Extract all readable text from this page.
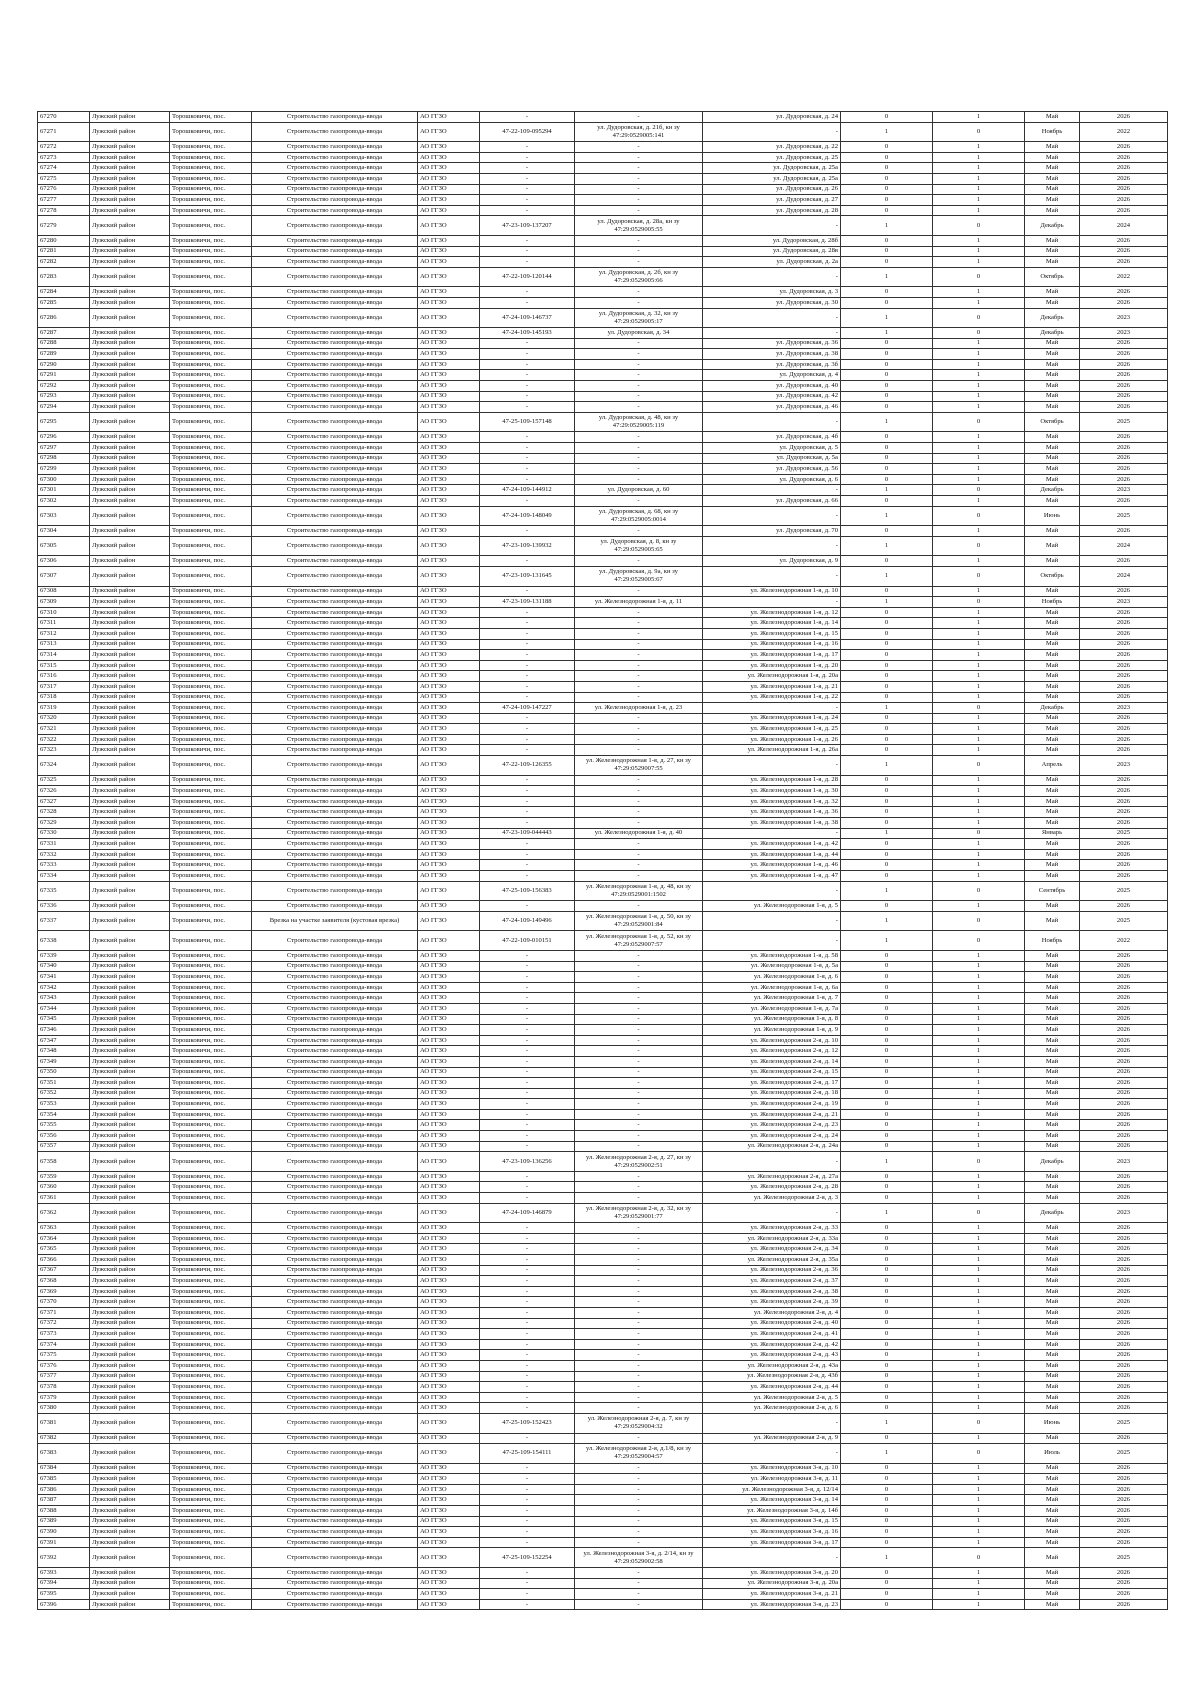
67270	Лужский район	Торошковичи, пос.	Строительство газопровода-ввода	АО ГГЗО	-	-	ул. Дудоровская, д. 24	0	1	Май	2026
67271	Лужский район	Торошковичи, пос.	Строительство газопровода-ввода	АО ГГЗО	47-22-109-095294	ул. Дудоровская, д. 21б, кн зу 47:29:0529005:141	-	1	0	Ноябрь	2022
67272	Лужский район	Торошковичи, пос.	Строительство газопровода-ввода	АО ГГЗО	-	-	ул. Дудоровская, д. 22	0	1	Май	2026
67273	Лужский район	Торошковичи, пос.	Строительство газопровода-ввода	АО ГГЗО	-	-	ул. Дудоровская, д. 25	0	1	Май	2026
67274	Лужский район	Торошковичи, пос.	Строительство газопровода-ввода	АО ГГЗО	-	-	ул. Дудоровская, д. 25а	0	1	Май	2026
67275	Лужский район	Торошковичи, пос.	Строительство газопровода-ввода	АО ГГЗО	-	-	ул. Дудоровская, д. 25а	0	1	Май	2026
67276	Лужский район	Торошковичи, пос.	Строительство газопровода-ввода	АО ГГЗО	-	-	ул. Дудоровская, д. 26	0	1	Май	2026
67277	Лужский район	Торошковичи, пос.	Строительство газопровода-ввода	АО ГГЗО	-	-	ул. Дудоровская, д. 27	0	1	Май	2026
67278	Лужский район	Торошковичи, пос.	Строительство газопровода-ввода	АО ГГЗО	-	-	ул. Дудоровская, д. 28	0	1	Май	2026
67279	Лужский район	Торошковичи, пос.	Строительство газопровода-ввода	АО ГГЗО	47-23-109-137207	ул. Дудоровская, д. 28а, кн зу 47:29:0529005:55	-	1	0	Декабрь	2024
67280	Лужский район	Торошковичи, пос.	Строительство газопровода-ввода	АО ГГЗО	-	-	ул. Дудоровская, д. 28б	0	1	Май	2026
67281	Лужский район	Торошковичи, пос.	Строительство газопровода-ввода	АО ГГЗО	-	-	ул. Дудоровская, д. 28в	0	1	Май	2026
67282	Лужский район	Торошковичи, пос.	Строительство газопровода-ввода	АО ГГЗО	-	-	ул. Дудоровская, д. 2а	0	1	Май	2026
67283	Лужский район	Торошковичи, пос.	Строительство газопровода-ввода	АО ГГЗО	47-22-109-120144	ул. Дудоровская, д. 2б, кн зу 47:29:0529005:66	-	1	0	Октябрь	2022
67284	Лужский район	Торошковичи, пос.	Строительство газопровода-ввода	АО ГГЗО	-	-	ул. Дудоровская, д. 3	0	1	Май	2026
67285	Лужский район	Торошковичи, пос.	Строительство газопровода-ввода	АО ГГЗО	-	-	ул. Дудоровская, д. 30	0	1	Май	2026
67286	Лужский район	Торошковичи, пос.	Строительство газопровода-ввода	АО ГГЗО	47-24-109-146737	ул. Дудоровская, д. 32, кн зу 47:29:0529005:17	-	1	0	Декабрь	2023
67287	Лужский район	Торошковичи, пос.	Строительство газопровода-ввода	АО ГГЗО	47-24-109-145193	ул. Дудоровская, д. 34	-	1	0	Декабрь	2023
67288	Лужский район	Торошковичи, пос.	Строительство газопровода-ввода	АО ГГЗО	-	-	ул. Дудоровская, д. 36	0	1	Май	2026
67289	Лужский район	Торошковичи, пос.	Строительство газопровода-ввода	АО ГГЗО	-	-	ул. Дудоровская, д. 38	0	1	Май	2026
67290	Лужский район	Торошковичи, пос.	Строительство газопровода-ввода	АО ГГЗО	-	-	ул. Дудоровская, д. 3б	0	1	Май	2026
67291	Лужский район	Торошковичи, пос.	Строительство газопровода-ввода	АО ГГЗО	-	-	ул. Дудоровская, д. 4	0	1	Май	2026
67292	Лужский район	Торошковичи, пос.	Строительство газопровода-ввода	АО ГГЗО	-	-	ул. Дудоровская, д. 40	0	1	Май	2026
67293	Лужский район	Торошковичи, пос.	Строительство газопровода-ввода	АО ГГЗО	-	-	ул. Дудоровская, д. 42	0	1	Май	2026
67294	Лужский район	Торошковичи, пос.	Строительство газопровода-ввода	АО ГГЗО	-	-	ул. Дудоровская, д. 46	0	1	Май	2026
67295	Лужский район	Торошковичи, пос.	Строительство газопровода-ввода	АО ГГЗО	47-25-109-157148	ул. Дудоровская, д. 48, кн зу 47:29:0529005:119	-	1	0	Октябрь	2025
67296	Лужский район	Торошковичи, пос.	Строительство газопровода-ввода	АО ГГЗО	-	-	ул. Дудоровская, д. 4б	0	1	Май	2026
67297	Лужский район	Торошковичи, пос.	Строительство газопровода-ввода	АО ГГЗО	-	-	ул. Дудоровская, д. 5	0	1	Май	2026
67298	Лужский район	Торошковичи, пос.	Строительство газопровода-ввода	АО ГГЗО	-	-	ул. Дудоровская, д. 5а	0	1	Май	2026
67299	Лужский район	Торошковичи, пос.	Строительство газопровода-ввода	АО ГГЗО	-	-	ул. Дудоровская, д. 56	0	1	Май	2026
67300	Лужский район	Торошковичи, пос.	Строительство газопровода-ввода	АО ГГЗО	-	-	ул. Дудоровская, д. 6	0	1	Май	2026
67301	Лужский район	Торошковичи, пос.	Строительство газопровода-ввода	АО ГГЗО	47-24-109-144912	ул. Дудоровская, д. 60	-	1	0	Декабрь	2023
67302	Лужский район	Торошковичи, пос.	Строительство газопровода-ввода	АО ГГЗО	-	-	ул. Дудоровская, д. 66	0	1	Май	2026
67303	Лужский район	Торошковичи, пос.	Строительство газопровода-ввода	АО ГГЗО	47-24-109-148049	ул. Дудоровская, д. 68, кн зу 47:29:0529005:0014	-	1	0	Июнь	2025
67304	Лужский район	Торошковичи, пос.	Строительство газопровода-ввода	АО ГГЗО	-	-	ул. Дудоровская, д. 70	0	1	Май	2026
67305	Лужский район	Торошковичи, пос.	Строительство газопровода-ввода	АО ГГЗО	47-23-109-139932	ул. Дудоровская, д. 8, кн зу 47:29:0529005:65	-	1	0	Май	2024
67306	Лужский район	Торошковичи, пос.	Строительство газопровода-ввода	АО ГГЗО	-	-	ул. Дудоровская, д. 9	0	1	Май	2026
67307	Лужский район	Торошковичи, пос.	Строительство газопровода-ввода	АО ГГЗО	47-23-109-131645	ул. Дудоровская, д. 9а, кн зу 47:29:0529005:67	-	1	0	Октябрь	2024
67308	Лужский район	Торошковичи, пос.	Строительство газопровода-ввода	АО ГГЗО	-	-	ул. Железнодорожная 1-я, д. 10	0	1	Май	2026
67309	Лужский район	Торошковичи, пос.	Строительство газопровода-ввода	АО ГГЗО	47-23-109-131188	ул. Железнодорожная 1-я, д. 11	-	1	0	Ноябрь	2023
67310	Лужский район	Торошковичи, пос.	Строительство газопровода-ввода	АО ГГЗО	-	-	ул. Железнодорожная 1-я, д. 12	0	1	Май	2026
67311	Лужский район	Торошковичи, пос.	Строительство газопровода-ввода	АО ГГЗО	-	-	ул. Железнодорожная 1-я, д. 14	0	1	Май	2026
67312	Лужский район	Торошковичи, пос.	Строительство газопровода-ввода	АО ГГЗО	-	-	ул. Железнодорожная 1-я, д. 15	0	1	Май	2026
67313	Лужский район	Торошковичи, пос.	Строительство газопровода-ввода	АО ГГЗО	-	-	ул. Железнодорожная 1-я, д. 16	0	1	Май	2026
67314	Лужский район	Торошковичи, пос.	Строительство газопровода-ввода	АО ГГЗО	-	-	ул. Железнодорожная 1-я, д. 17	0	1	Май	2026
67315	Лужский район	Торошковичи, пос.	Строительство газопровода-ввода	АО ГГЗО	-	-	ул. Железнодорожная 1-я, д. 20	0	1	Май	2026
67316	Лужский район	Торошковичи, пос.	Строительство газопровода-ввода	АО ГГЗО	-	-	ул. Железнодорожная 1-я, д. 20а	0	1	Май	2026
67317	Лужский район	Торошковичи, пос.	Строительство газопровода-ввода	АО ГГЗО	-	-	ул. Железнодорожная 1-я, д. 21	0	1	Май	2026
67318	Лужский район	Торошковичи, пос.	Строительство газопровода-ввода	АО ГГЗО	-	-	ул. Железнодорожная 1-я, д. 22	0	1	Май	2026
67319	Лужский район	Торошковичи, пос.	Строительство газопровода-ввода	АО ГГЗО	47-24-109-147227	ул. Железнодорожная 1-я, д. 23	-	1	0	Декабрь	2023
67320	Лужский район	Торошковичи, пос.	Строительство газопровода-ввода	АО ГГЗО	-	-	ул. Железнодорожная 1-я, д. 24	0	1	Май	2026
67321	Лужский район	Торошковичи, пос.	Строительство газопровода-ввода	АО ГГЗО	-	-	ул. Железнодорожная 1-я, д. 25	0	1	Май	2026
67322	Лужский район	Торошковичи, пос.	Строительство газопровода-ввода	АО ГГЗО	-	-	ул. Железнодорожная 1-я, д. 26	0	1	Май	2026
67323	Лужский район	Торошковичи, пос.	Строительство газопровода-ввода	АО ГГЗО	-	-	ул. Железнодорожная 1-я, д. 26а	0	1	Май	2026
67324	Лужский район	Торошковичи, пос.	Строительство газопровода-ввода	АО ГГЗО	47-22-109-126355	ул. Железнодорожная 1-я, д. 27, кн зу 47:29:0529007:55	-	1	0	Апрель	2023
67325	Лужский район	Торошковичи, пос.	Строительство газопровода-ввода	АО ГГЗО	-	-	ул. Железнодорожная 1-я, д. 28	0	1	Май	2026
67326	Лужский район	Торошковичи, пос.	Строительство газопровода-ввода	АО ГГЗО	-	-	ул. Железнодорожная 1-я, д. 30	0	1	Май	2026
67327	Лужский район	Торошковичи, пос.	Строительство газопровода-ввода	АО ГГЗО	-	-	ул. Железнодорожная 1-я, д. 32	0	1	Май	2026
67328	Лужский район	Торошковичи, пос.	Строительство газопровода-ввода	АО ГГЗО	-	-	ул. Железнодорожная 1-я, д. 36	0	1	Май	2026
67329	Лужский район	Торошковичи, пос.	Строительство газопровода-ввода	АО ГГЗО	-	-	ул. Железнодорожная 1-я, д. 38	0	1	Май	2026
67330	Лужский район	Торошковичи, пос.	Строительство газопровода-ввода	АО ГГЗО	47-23-109-044443	ул. Железнодорожная 1-я, д. 40	-	1	0	Январь	2025
67331	Лужский район	Торошковичи, пос.	Строительство газопровода-ввода	АО ГГЗО	-	-	ул. Железнодорожная 1-я, д. 42	0	1	Май	2026
67332	Лужский район	Торошковичи, пос.	Строительство газопровода-ввода	АО ГГЗО	-	-	ул. Железнодорожная 1-я, д. 44	0	1	Май	2026
67333	Лужский район	Торошковичи, пос.	Строительство газопровода-ввода	АО ГГЗО	-	-	ул. Железнодорожная 1-я, д. 46	0	1	Май	2026
67334	Лужский район	Торошковичи, пос.	Строительство газопровода-ввода	АО ГГЗО	-	-	ул. Железнодорожная 1-я, д. 47	0	1	Май	2026
67335	Лужский район	Торошковичи, пос.	Строительство газопровода-ввода	АО ГГЗО	47-25-109-156383	ул. Железнодорожная 1-я, д. 48, кн зу 47:29:0529001:1502	-	1	0	Сентябрь	2025
67336	Лужский район	Торошковичи, пос.	Строительство газопровода-ввода	АО ГГЗО	-	-	ул. Железнодорожная 1-я, д. 5	0	1	Май	2026
67337	Лужский район	Торошковичи, пос.	Врезка на участке заявителя (кустовая врезка)	АО ГГЗО	47-24-109-149496	ул. Железнодорожная 1-я, д. 50, кн зу 47:29:0529001:84	-	1	0	Май	2025
67338	Лужский район	Торошковичи, пос.	Строительство газопровода-ввода	АО ГГЗО	47-22-109-010151	ул. Железнодорожная 1-я, д. 52, кн зу 47:29:0529007:57	-	1	0	Ноябрь	2022
67339	Лужский район	Торошковичи, пос.	Строительство газопровода-ввода	АО ГГЗО	-	-	ул. Железнодорожная 1-я, д. 58	0	1	Май	2026
67340	Лужский район	Торошковичи, пос.	Строительство газопровода-ввода	АО ГГЗО	-	-	ул. Железнодорожная 1-я, д. 5а	0	1	Май	2026
67341	Лужский район	Торошковичи, пос.	Строительство газопровода-ввода	АО ГГЗО	-	-	ул. Железнодорожная 1-я, д. 6	0	1	Май	2026
67342	Лужский район	Торошковичи, пос.	Строительство газопровода-ввода	АО ГГЗО	-	-	ул. Железнодорожная 1-я, д. 6а	0	1	Май	2026
67343	Лужский район	Торошковичи, пос.	Строительство газопровода-ввода	АО ГГЗО	-	-	ул. Железнодорожная 1-я, д. 7	0	1	Май	2026
67344	Лужский район	Торошковичи, пос.	Строительство газопровода-ввода	АО ГГЗО	-	-	ул. Железнодорожная 1-я, д. 7а	0	1	Май	2026
67345	Лужский район	Торошковичи, пос.	Строительство газопровода-ввода	АО ГГЗО	-	-	ул. Железнодорожная 1-я, д. 8	0	1	Май	2026
67346	Лужский район	Торошковичи, пос.	Строительство газопровода-ввода	АО ГГЗО	-	-	ул. Железнодорожная 1-я, д. 9	0	1	Май	2026
67347	Лужский район	Торошковичи, пос.	Строительство газопровода-ввода	АО ГГЗО	-	-	ул. Железнодорожная 2-я, д. 10	0	1	Май	2026
67348	Лужский район	Торошковичи, пос.	Строительство газопровода-ввода	АО ГГЗО	-	-	ул. Железнодорожная 2-я, д. 12	0	1	Май	2026
67349	Лужский район	Торошковичи, пос.	Строительство газопровода-ввода	АО ГГЗО	-	-	ул. Железнодорожная 2-я, д. 14	0	1	Май	2026
67350	Лужский район	Торошковичи, пос.	Строительство газопровода-ввода	АО ГГЗО	-	-	ул. Железнодорожная 2-я, д. 15	0	1	Май	2026
67351	Лужский район	Торошковичи, пос.	Строительство газопровода-ввода	АО ГГЗО	-	-	ул. Железнодорожная 2-я, д. 17	0	1	Май	2026
67352	Лужский район	Торошковичи, пос.	Строительство газопровода-ввода	АО ГГЗО	-	-	ул. Железнодорожная 2-я, д. 18	0	1	Май	2026
67353	Лужский район	Торошковичи, пос.	Строительство газопровода-ввода	АО ГГЗО	-	-	ул. Железнодорожная 2-я, д. 19	0	1	Май	2026
67354	Лужский район	Торошковичи, пос.	Строительство газопровода-ввода	АО ГГЗО	-	-	ул. Железнодорожная 2-я, д. 21	0	1	Май	2026
67355	Лужский район	Торошковичи, пос.	Строительство газопровода-ввода	АО ГГЗО	-	-	ул. Железнодорожная 2-я, д. 23	0	1	Май	2026
67356	Лужский район	Торошковичи, пос.	Строительство газопровода-ввода	АО ГГЗО	-	-	ул. Железнодорожная 2-я, д. 24	0	1	Май	2026
67357	Лужский район	Торошковичи, пос.	Строительство газопровода-ввода	АО ГГЗО	-	-	ул. Железнодорожная 2-я, д. 24а	0	1	Май	2026
67358	Лужский район	Торошковичи, пос.	Строительство газопровода-ввода	АО ГГЗО	47-23-109-136256	ул. Железнодорожная 2-я, д. 27, кн зу 47:29:0529002:51	-	1	0	Декабрь	2023
67359	Лужский район	Торошковичи, пос.	Строительство газопровода-ввода	АО ГГЗО	-	-	ул. Железнодорожная 2-я, д. 27а	0	1	Май	2026
67360	Лужский район	Торошковичи, пос.	Строительство газопровода-ввода	АО ГГЗО	-	-	ул. Железнодорожная 2-я, д. 28	0	1	Май	2026
67361	Лужский район	Торошковичи, пос.	Строительство газопровода-ввода	АО ГГЗО	-	-	ул. Железнодорожная 2-я, д. 3	0	1	Май	2026
67362	Лужский район	Торошковичи, пос.	Строительство газопровода-ввода	АО ГГЗО	47-24-109-146879	ул. Железнодорожная 2-я, д. 32, кн зу 47:29:0529001:77	-	1	0	Декабрь	2023
67363	Лужский район	Торошковичи, пос.	Строительство газопровода-ввода	АО ГГЗО	-	-	ул. Железнодорожная 2-я, д. 33	0	1	Май	2026
67364	Лужский район	Торошковичи, пос.	Строительство газопровода-ввода	АО ГГЗО	-	-	ул. Железнодорожная 2-я, д. 33а	0	1	Май	2026
67365	Лужский район	Торошковичи, пос.	Строительство газопровода-ввода	АО ГГЗО	-	-	ул. Железнодорожная 2-я, д. 34	0	1	Май	2026
67366	Лужский район	Торошковичи, пос.	Строительство газопровода-ввода	АО ГГЗО	-	-	ул. Железнодорожная 2-я, д. 35а	0	1	Май	2026
67367	Лужский район	Торошковичи, пос.	Строительство газопровода-ввода	АО ГГЗО	-	-	ул. Железнодорожная 2-я, д. 36	0	1	Май	2026
67368	Лужский район	Торошковичи, пос.	Строительство газопровода-ввода	АО ГГЗО	-	-	ул. Железнодорожная 2-я, д. 37	0	1	Май	2026
67369	Лужский район	Торошковичи, пос.	Строительство газопровода-ввода	АО ГГЗО	-	-	ул. Железнодорожная 2-я, д. 38	0	1	Май	2026
67370	Лужский район	Торошковичи, пос.	Строительство газопровода-ввода	АО ГГЗО	-	-	ул. Железнодорожная 2-я, д. 39	0	1	Май	2026
67371	Лужский район	Торошковичи, пос.	Строительство газопровода-ввода	АО ГГЗО	-	-	ул. Железнодорожная 2-я, д. 4	0	1	Май	2026
67372	Лужский район	Торошковичи, пос.	Строительство газопровода-ввода	АО ГГЗО	-	-	ул. Железнодорожная 2-я, д. 40	0	1	Май	2026
67373	Лужский район	Торошковичи, пос.	Строительство газопровода-ввода	АО ГГЗО	-	-	ул. Железнодорожная 2-я, д. 41	0	1	Май	2026
67374	Лужский район	Торошковичи, пос.	Строительство газопровода-ввода	АО ГГЗО	-	-	ул. Железнодорожная 2-я, д. 42	0	1	Май	2026
67375	Лужский район	Торошковичи, пос.	Строительство газопровода-ввода	АО ГГЗО	-	-	ул. Железнодорожная 2-я, д. 43	0	1	Май	2026
67376	Лужский район	Торошковичи, пос.	Строительство газопровода-ввода	АО ГГЗО	-	-	ул. Железнодорожная 2-я, д. 43а	0	1	Май	2026
67377	Лужский район	Торошковичи, пос.	Строительство газопровода-ввода	АО ГГЗО	-	-	ул. Железнодорожная 2-я, д. 43б	0	1	Май	2026
67378	Лужский район	Торошковичи, пос.	Строительство газопровода-ввода	АО ГГЗО	-	-	ул. Железнодорожная 2-я, д. 44	0	1	Май	2026
67379	Лужский район	Торошковичи, пос.	Строительство газопровода-ввода	АО ГГЗО	-	-	ул. Железнодорожная 2-я, д. 5	0	1	Май	2026
67380	Лужский район	Торошковичи, пос.	Строительство газопровода-ввода	АО ГГЗО	-	-	ул. Железнодорожная 2-я, д. 6	0	1	Май	2026
67381	Лужский район	Торошковичи, пос.	Строительство газопровода-ввода	АО ГГЗО	47-25-109-152423	ул. Железнодорожная 2-я, д. 7, кн зу 47:29:0529004:32	-	1	0	Июнь	2025
67382	Лужский район	Торошковичи, пос.	Строительство газопровода-ввода	АО ГГЗО	-	-	ул. Железнодорожная 2-я, д. 9	0	1	Май	2026
67383	Лужский район	Торошковичи, пос.	Строительство газопровода-ввода	АО ГГЗО	47-25-109-154111	ул. Железнодорожная 2-я, д.1/8, кн зу 47:29:0529004:57	-	1	0	Июль	2025
67384	Лужский район	Торошковичи, пос.	Строительство газопровода-ввода	АО ГГЗО	-	-	ул. Железнодорожная 3-я, д. 10	0	1	Май	2026
67385	Лужский район	Торошковичи, пос.	Строительство газопровода-ввода	АО ГГЗО	-	-	ул. Железнодорожная 3-я, д. 11	0	1	Май	2026
67386	Лужский район	Торошковичи, пос.	Строительство газопровода-ввода	АО ГГЗО	-	-	ул. Железнодорожная 3-я, д. 12/14	0	1	Май	2026
67387	Лужский район	Торошковичи, пос.	Строительство газопровода-ввода	АО ГГЗО	-	-	ул. Железнодорожная 3-я, д. 14	0	1	Май	2026
67388	Лужский район	Торошковичи, пос.	Строительство газопровода-ввода	АО ГГЗО	-	-	ул. Железнодорожная 3-я, д. 14б	0	1	Май	2026
67389	Лужский район	Торошковичи, пос.	Строительство газопровода-ввода	АО ГГЗО	-	-	ул. Железнодорожная 3-я, д. 15	0	1	Май	2026
67390	Лужский район	Торошковичи, пос.	Строительство газопровода-ввода	АО ГГЗО	-	-	ул. Железнодорожная 3-я, д. 16	0	1	Май	2026
67391	Лужский район	Торошковичи, пос.	Строительство газопровода-ввода	АО ГГЗО	-	-	ул. Железнодорожная 3-я, д. 17	0	1	Май	2026
67392	Лужский район	Торошковичи, пос.	Строительство газопровода-ввода	АО ГГЗО	47-25-109-152254	ул. Железнодорожная 3-я, д. 2/14, кн зу 47:29:0529002:58	-	1	0	Май	2025
67393	Лужский район	Торошковичи, пос.	Строительство газопровода-ввода	АО ГГЗО	-	-	ул. Железнодорожная 3-я, д. 20	0	1	Май	2026
67394	Лужский район	Торошковичи, пос.	Строительство газопровода-ввода	АО ГГЗО	-	-	ул. Железнодорожная 3-я, д. 20а	0	1	Май	2026
67395	Лужский район	Торошковичи, пос.	Строительство газопровода-ввода	АО ГГЗО	-	-	ул. Железнодорожная 3-я, д. 21	0	1	Май	2026
67396	Лужский район	Торошковичи, пос.	Строительство газопровода-ввода	АО ГГЗО	-	-	ул. Железнодорожная 3-я, д. 23	0	1	Май	2026
